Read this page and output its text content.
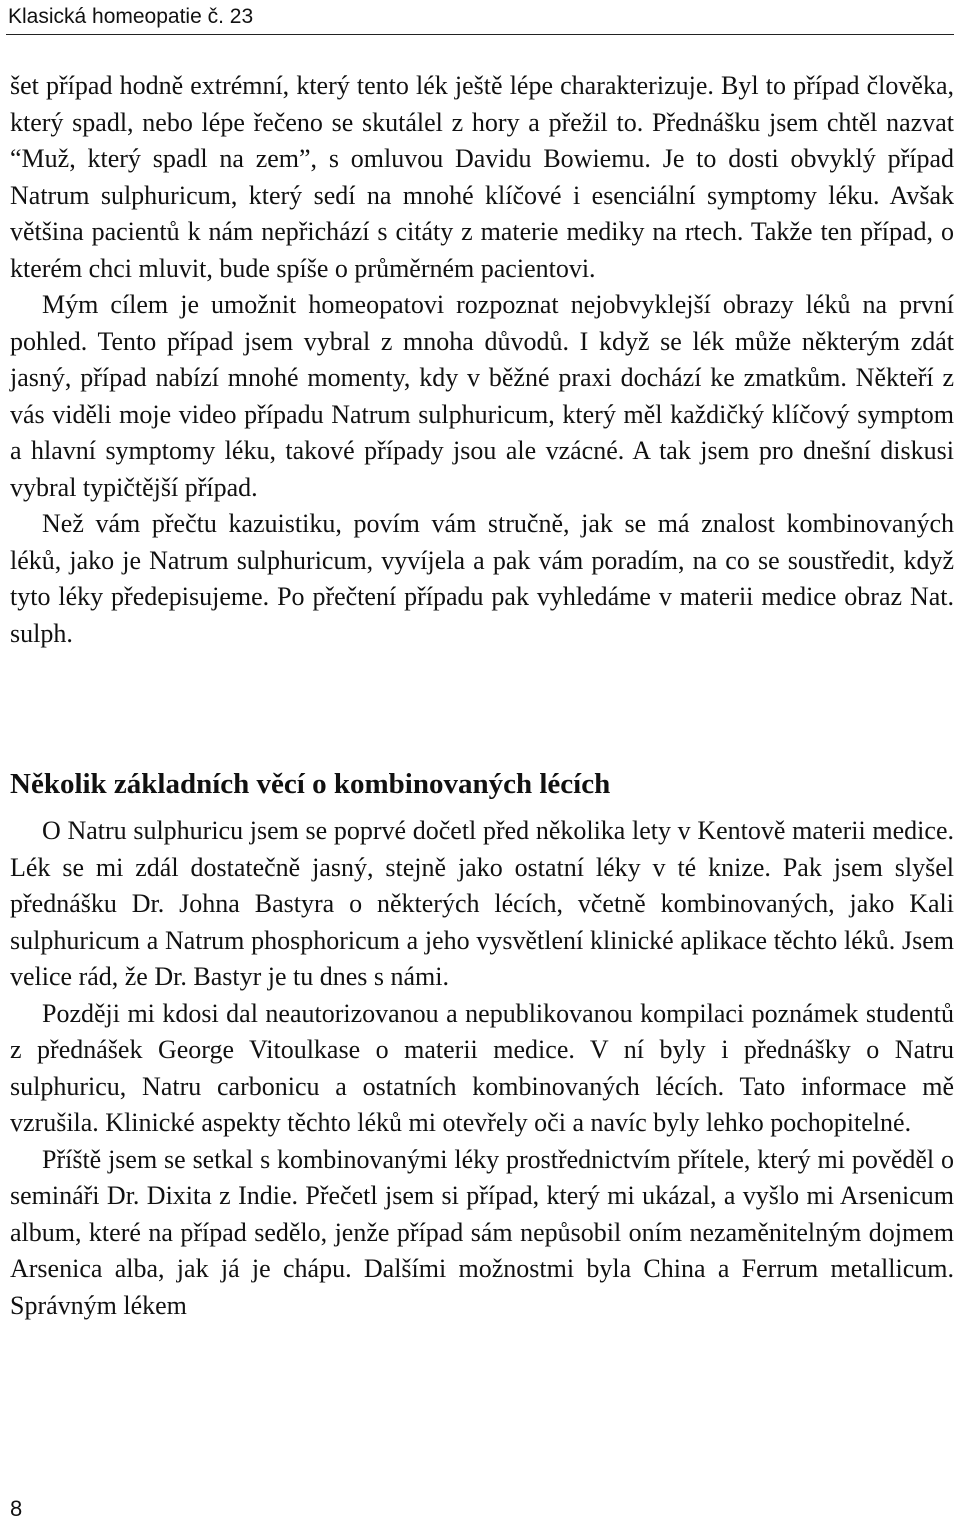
Klasická homeopatie č. 23

šet případ hodně extrémní, který tento lék ještě lépe charakterizuje. Byl to případ člověka, který spadl, nebo lépe řečeno se skutálel z hory a přežil to. Přednášku jsem chtěl nazvat “Muž, který spadl na zem”, s omluvou Davidu Bowiemu. Je to dosti obvyklý případ Natrum sulphuricum, který sedí na mnohé klíčové i esenciální symptomy léku. Avšak většina pacientů k nám nepřichází s citáty z materie mediky na rtech. Takže ten případ, o kterém chci mluvit, bude spíše o průměrném pacientovi.

Mým cílem je umožnit homeopatovi rozpoznat nejobvyklejší obrazy léků na první pohled. Tento případ jsem vybral z mnoha důvodů. I když se lék může některým zdát jasný, případ nabízí mnohé momenty, kdy v běžné praxi dochází ke zmatkům. Někteří z vás viděli moje video případu Natrum sulphuricum, který měl každičký klíčový symptom a hlavní symptomy léku, takové případy jsou ale vzácné. A tak jsem pro dnešní diskusi vybral typičtější případ.

Než vám přečtu kazuistiku, povím vám stručně, jak se má znalost kombinovaných léků, jako je Natrum sulphuricum, vyvíjela a pak vám poradím, na co se soustředit, když tyto léky předepisujeme. Po přečtení případu pak vyhledáme v materii medice obraz Nat. sulph.

Několik základních věcí o kombinovaných lécích

O Natru sulphuricu jsem se poprvé dočetl před několika lety v Kentově materii medice. Lék se mi zdál dostatečně jasný, stejně jako ostatní léky v té knize. Pak jsem slyšel přednášku Dr. Johna Bastyra o některých lécích, včetně kombinovaných, jako Kali sulphuricum a Natrum phosphoricum a jeho vysvětlení klinické aplikace těchto léků. Jsem velice rád, že Dr. Bastyr je tu dnes s námi.

Později mi kdosi dal neautorizovanou a nepublikovanou kompilaci poznámek studentů z přednášek George Vitoulkase o materii medice. V ní byly i přednášky o Natru sulphuricu, Natru carbonicu a ostatních kombinovaných lécích. Tato informace mě vzrušila. Klinické aspekty těchto léků mi otevřely oči a navíc byly lehko pochopitelné.

Příště jsem se setkal s kombinovanými léky prostřednictvím přítele, který mi pověděl o semináři Dr. Dixita z Indie. Přečetl jsem si případ, který mi ukázal, a vyšlo mi Arsenicum album, které na případ sedělo, jenže případ sám nepůsobil oním nezaměnitelným dojmem Arsenica alba, jak já je chápu. Dalšími možnostmi byla China a Ferrum metallicum. Správným lékem

8
